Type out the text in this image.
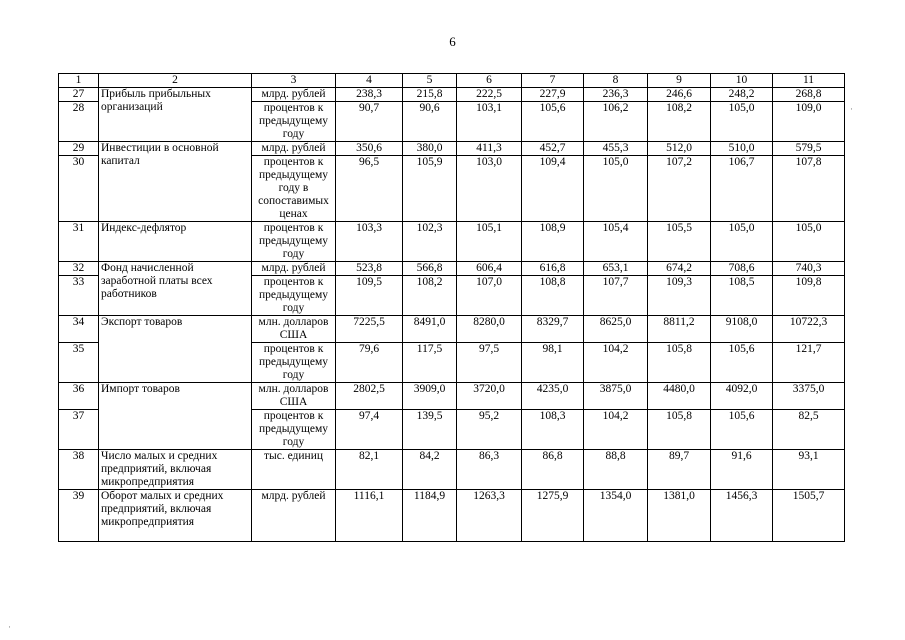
6
·
·
1	2	3	4	5	6	7	8	9	10	11
27	Прибыль прибыльных организаций	млрд. рублей	238,3	215,8	222,5	227,9	236,3	246,6	248,2	268,8
28		процентов к предыдущему году	90,7	90,6	103,1	105,6	106,2	108,2	105,0	109,0
29	Инвестиции в основной капитал	млрд. рублей	350,6	380,0	411,3	452,7	455,3	512,0	510,0	579,5
30		процентов к предыдущему году в сопоставимых ценах	96,5	105,9	103,0	109,4	105,0	107,2	106,7	107,8
31	Индекс-дефлятор	процентов к предыдущему году	103,3	102,3	105,1	108,9	105,4	105,5	105,0	105,0
32	Фонд начисленной заработной платы всех работников	млрд. рублей	523,8	566,8	606,4	616,8	653,1	674,2	708,6	740,3
33		процентов к предыдущему году	109,5	108,2	107,0	108,8	107,7	109,3	108,5	109,8
34	Экспорт товаров	млн. долларов США	7225,5	8491,0	8280,0	8329,7	8625,0	8811,2	9108,0	10722,3
35		процентов к предыдущему году	79,6	117,5	97,5	98,1	104,2	105,8	105,6	121,7
36	Импорт товаров	млн. долларов США	2802,5	3909,0	3720,0	4235,0	3875,0	4480,0	4092,0	3375,0
37		процентов к предыдущему году	97,4	139,5	95,2	108,3	104,2	105,8	105,6	82,5
38	Число малых и средних предприятий, включая микропредприятия	тыс. единиц	82,1	84,2	86,3	86,8	88,8	89,7	91,6	93,1
39	Оборот малых и средних предприятий, включая микропредприятия	млрд. рублей	1116,1	1184,9	1263,3	1275,9	1354,0	1381,0	1456,3	1505,7
